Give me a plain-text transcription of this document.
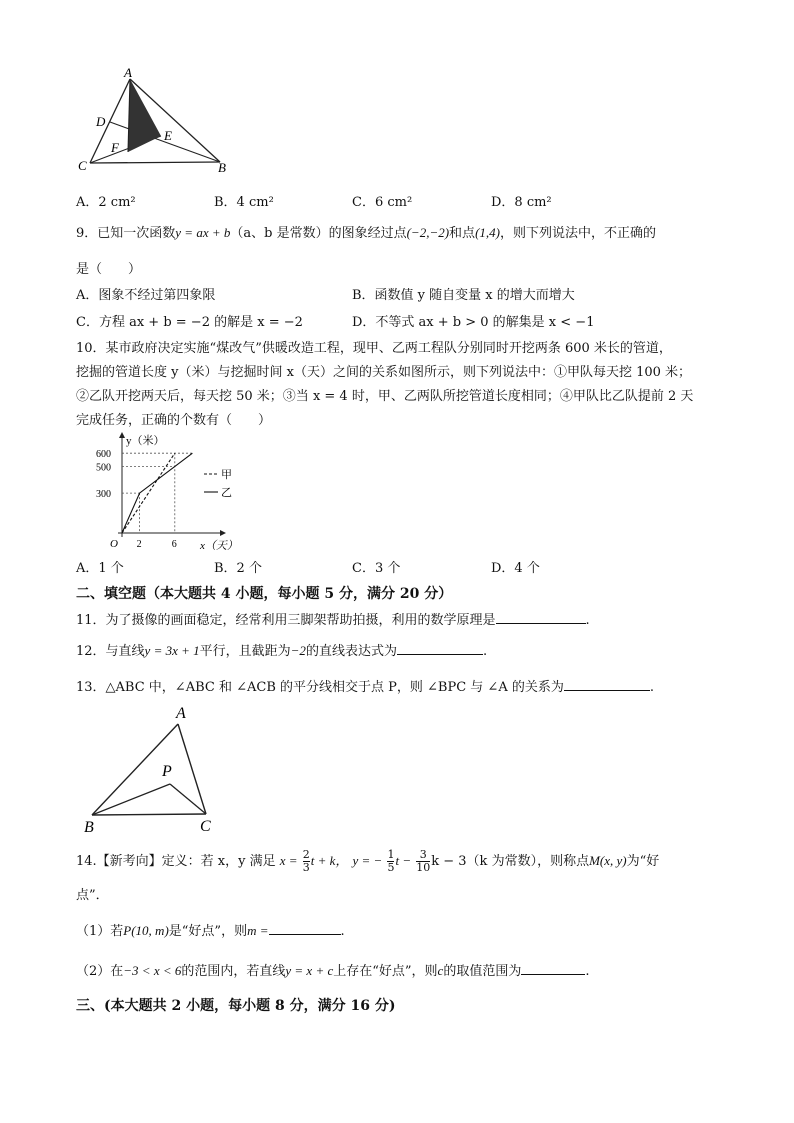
A
D
E
F
C	B
A．2 cm²	B．4 cm²	C．6 cm²	D．8 cm²
9．已知一次函数y = ax + b（a、b 是常数）的图象经过点(−2,−2)和点(1,4)，则下列说法中，不正确的
是（　　）
A．图象不经过第四象限	B．函数值 y 随自变量 x 的增大而增大
C．方程 ax + b = −2 的解是 x = −2	D．不等式 ax + b > 0 的解集是 x < −1
10．某市政府决定实施“煤改气”供暖改造工程，现甲、乙两工程队分别同时开挖两条 600 米长的管道，
挖掘的管道长度 y（米）与挖掘时间 x（天）之间的关系如图所示，则下列说法中：①甲队每天挖 100 米；
②乙队开挖两天后，每天挖 50 米；③当 x = 4 时，甲、乙两队所挖管道长度相同；④甲队比乙队提前 2 天
完成任务，正确的个数有（　　）
y（米）
x（天）
O
300
500
600
2	6
甲
乙
A．1 个	B．2 个	C．3 个	D．4 个
二、填空题（本大题共 4 小题，每小题 5 分，满分 20 分）
11．为了摄像的画面稳定，经常利用三脚架帮助拍摄，利用的数学原理是	.
12．与直线y = 3x + 1平行，且截距为−2的直线表达式为	.
13．△ABC 中，∠ABC 和 ∠ACB 的平分线相交于点 P，则 ∠BPC 与 ∠A 的关系为	.
A
P
B	C
14.【新考向】定义：若 x，y 满足 $x = \frac{2}{3}$ t + k， y = − $\frac{1}{5}$ $t - \frac{3}{10}$ k − 3（k 为常数），则称点M(x, y)为“好
点”．
（1）若P(10, m)是“好点”，则m =	.
（2）在−3 < x < 6的范围内，若直线y = x + c上存在“好点”，则c的取值范围为	.
三、(本大题共 2 小题，每小题 8 分，满分 16 分)
